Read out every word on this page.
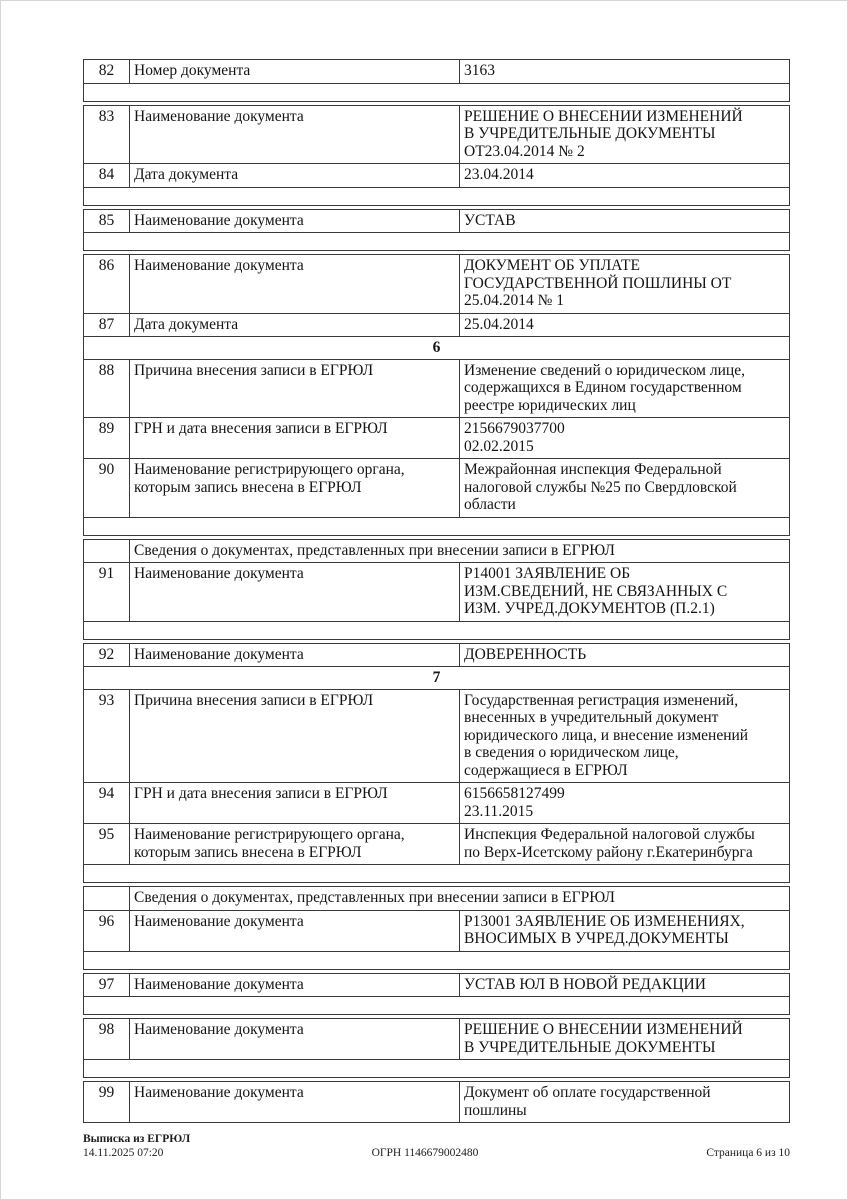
82	Номер документа	3163

83	Наименование документа	РЕШЕНИЕ О ВНЕСЕНИИ ИЗМЕНЕНИЙ
В УЧРЕДИТЕЛЬНЫЕ ДОКУМЕНТЫ
ОТ23.04.2014 № 2

84	Дата документа	23.04.2014

85	Наименование документа	УСТАВ

86	Наименование документа	ДОКУМЕНТ ОБ УПЛАТЕ
ГОСУДАРСТВЕННОЙ ПОШЛИНЫ ОТ
25.04.2014 № 1

87	Дата документа	25.04.2014

6		
88	Причина внесения записи в ЕГРЮЛ	Изменение сведений о юридическом лице,
содержащихся в Едином государственном
реестре юридических лиц

89	ГРН и дата внесения записи в ЕГРЮЛ	2156679037700
02.02.2015

90	Наименование регистрирующего органа, которым запись внесена в ЕГРЮЛ	Межрайонная инспекция Федеральной
налоговой службы №25 по Свердловской
области

	Сведения о документах, представленных при внесении записи в ЕГРЮЛ	
91	Наименование документа	Р14001 ЗАЯВЛЕНИЕ ОБ
ИЗМ.СВЕДЕНИЙ, НЕ СВЯЗАННЫХ С
ИЗМ. УЧРЕД.ДОКУМЕНТОВ (П.2.1)

92	Наименование документа	ДОВЕРЕННОСТЬ

7		
93	Причина внесения записи в ЕГРЮЛ	Государственная регистрация изменений,
внесенных в учредительный документ
юридического лица, и внесение изменений
в сведения о юридическом лице,
содержащиеся в ЕГРЮЛ

94	ГРН и дата внесения записи в ЕГРЮЛ	6156658127499
23.11.2015

95	Наименование регистрирующего органа, которым запись внесена в ЕГРЮЛ	Инспекция Федеральной налоговой службы
по Верх-Исетскому району г.Екатеринбурга

	Сведения о документах, представленных при внесении записи в ЕГРЮЛ	
96	Наименование документа	Р13001 ЗАЯВЛЕНИЕ ОБ ИЗМЕНЕНИЯХ,
ВНОСИМЫХ В УЧРЕД.ДОКУМЕНТЫ

97	Наименование документа	УСТАВ ЮЛ В НОВОЙ РЕДАКЦИИ

98	Наименование документа	РЕШЕНИЕ О ВНЕСЕНИИ ИЗМЕНЕНИЙ
В УЧРЕДИТЕЛЬНЫЕ ДОКУМЕНТЫ

99	Наименование документа	Документ об оплате государственной
пошлины
Выписка из ЕГРЮЛ
14.11.2025 07:20	ОГРН 1146679002480	Страница 6 из 10
